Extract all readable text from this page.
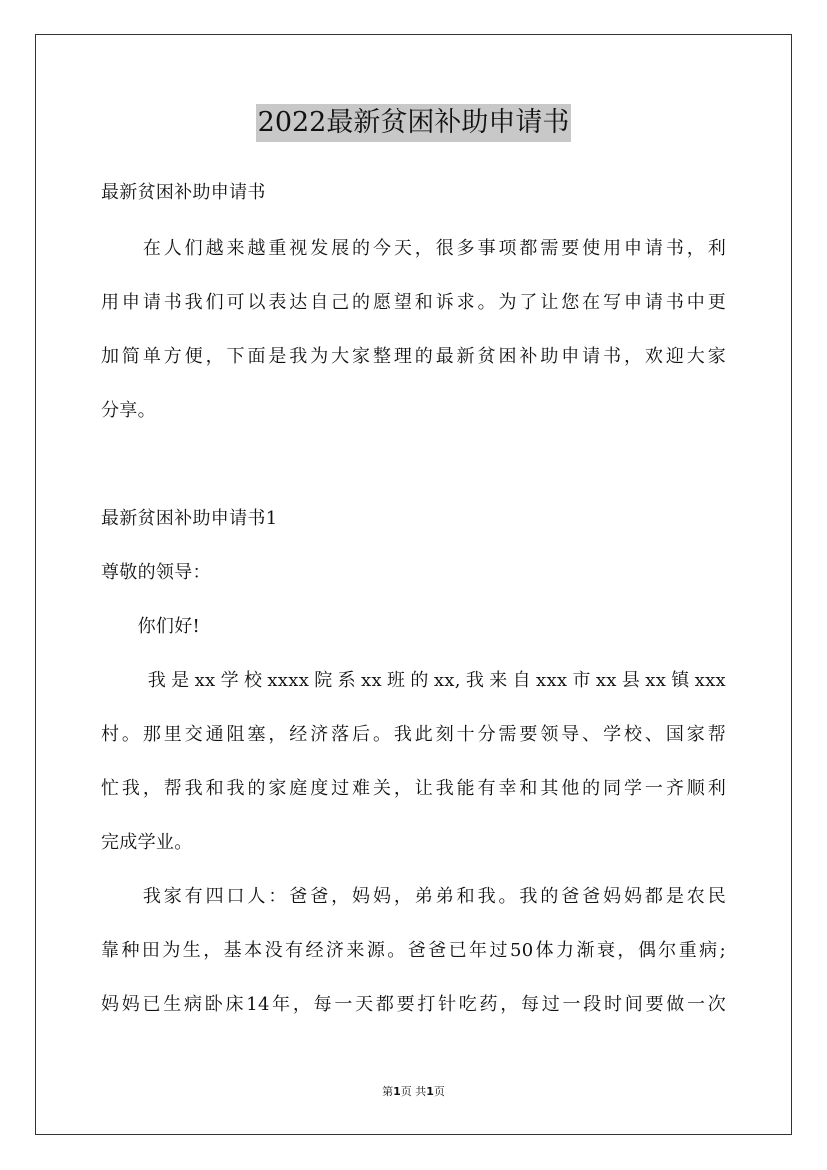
2022最新贫困补助申请书
最新贫困补助申请书
　　在人们越来越重视发展的今天，很多事项都需要使用申请书，利
用申请书我们可以表达自己的愿望和诉求。为了让您在写申请书中更
加简单方便，下面是我为大家整理的最新贫困补助申请书，欢迎大家
分享。
最新贫困补助申请书1
尊敬的领导：
　　你们好!
　　我是xx学校xxxx院系xx班的xx,我来自xxx市xx县xx镇xxx
村。那里交通阻塞，经济落后。我此刻十分需要领导、学校、国家帮
忙我，帮我和我的家庭度过难关，让我能有幸和其他的同学一齐顺利
完成学业。
　　我家有四口人：爸爸，妈妈，弟弟和我。我的爸爸妈妈都是农民
靠种田为生，基本没有经济来源。爸爸已年过50体力渐衰，偶尔重病;
妈妈已生病卧床14年，每一天都要打针吃药，每过一段时间要做一次
第1页 共1页
